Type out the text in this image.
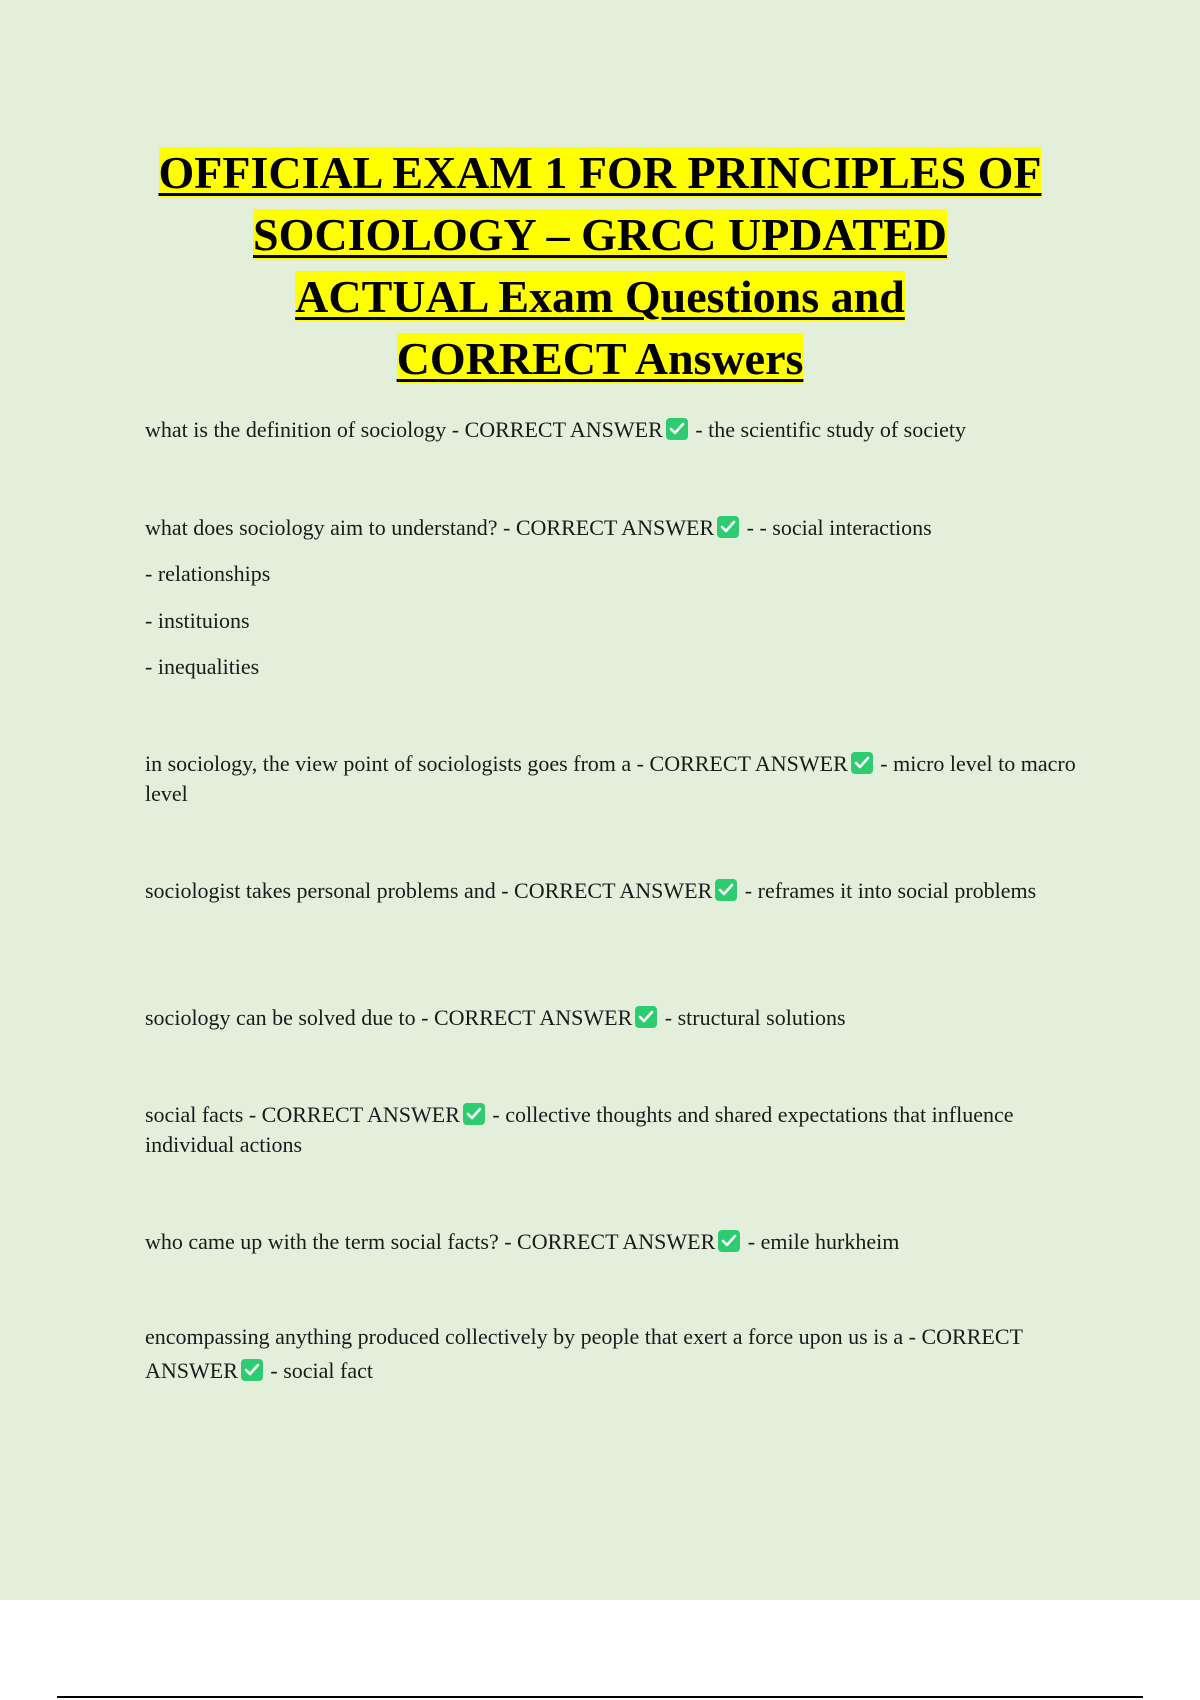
OFFICIAL EXAM 1 FOR PRINCIPLES OF
SOCIOLOGY – GRCC UPDATED
ACTUAL Exam Questions and
CORRECT Answers

what is the definition of sociology - CORRECT ANSWER
- the scientific study of society

what does sociology aim to understand? - CORRECT ANSWER
- - social interactions

- relationships

- instituions

- inequalities

in sociology, the view point of sociologists goes from a - CORRECT ANSWER
- micro level to macro level

sociologist takes personal problems and - CORRECT ANSWER
- reframes it into social problems

sociology can be solved due to - CORRECT ANSWER
- structural solutions

social facts - CORRECT ANSWER
- collective thoughts and shared expectations that influence individual actions

who came up with the term social facts? - CORRECT ANSWER
- emile hurkheim

encompassing anything produced collectively by people that exert a force upon us is a - CORRECT ANSWER
- social fact
